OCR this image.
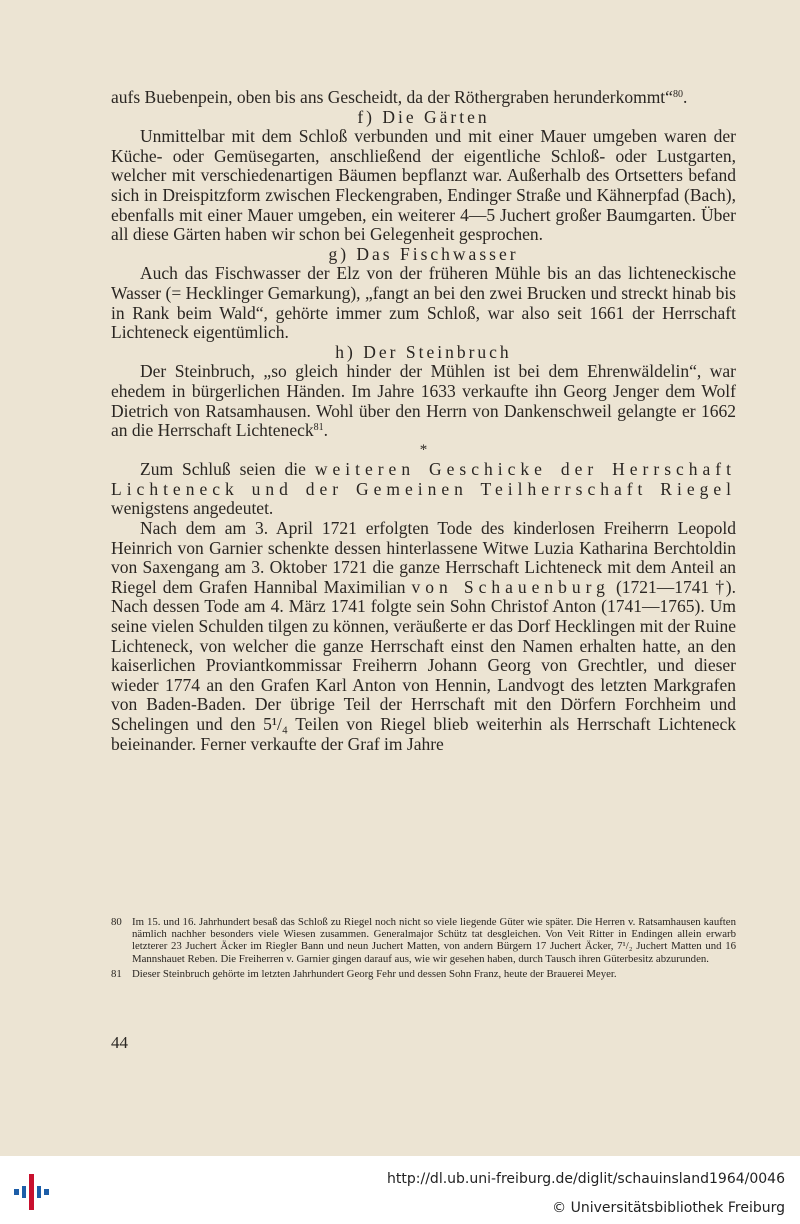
aufs Buebenpein, oben bis ans Gescheidt, da der Röthergraben herunderkommt“$^{80}$.

f) Die Gärten

Unmittelbar mit dem Schloß verbunden und mit einer Mauer umgeben waren der Küche- oder Gemüsegarten, anschließend der eigentliche Schloß- oder Lustgarten, welcher mit verschiedenartigen Bäumen bepflanzt war. Außerhalb des Ortsetters befand sich in Dreispitzform zwischen Fleckengraben, Endinger Straße und Kähnerpfad (Bach), ebenfalls mit einer Mauer umgeben, ein weiterer 4—5 Juchert großer Baumgarten. Über all diese Gärten haben wir schon bei Gelegenheit gesprochen.

g) Das Fischwasser

Auch das Fischwasser der Elz von der früheren Mühle bis an das lichteneckische Wasser (= Hecklinger Gemarkung), „fangt an bei den zwei Brucken und streckt hinab bis in Rank beim Wald“, gehörte immer zum Schloß, war also seit 1661 der Herrschaft Lichteneck eigentümlich.

h) Der Steinbruch

Der Steinbruch, „so gleich hinder der Mühlen ist bei dem Ehrenwäldelin“, war ehedem in bürgerlichen Händen. Im Jahre 1633 verkaufte ihn Georg Jenger dem Wolf Dietrich von Ratsamhausen. Wohl über den Herrn von Dankenschweil gelangte er 1662 an die Herrschaft Lichteneck$^{81}$.

*

Zum Schluß seien die weiteren Geschicke der Herrschaft Lichteneck und der Gemeinen Teilherrschaft Riegel wenigstens angedeutet.

Nach dem am 3. April 1721 erfolgten Tode des kinderlosen Freiherrn Leopold Heinrich von Garnier schenkte dessen hinterlassene Witwe Luzia Katharina Berchtoldin von Saxengang am 3. Oktober 1721 die ganze Herrschaft Lichteneck mit dem Anteil an Riegel dem Grafen Hannibal Maximilian von Schauenburg (1721—1741 †). Nach dessen Tode am 4. März 1741 folgte sein Sohn Christof Anton (1741—1765). Um seine vielen Schulden tilgen zu können, veräußerte er das Dorf Hecklingen mit der Ruine Lichteneck, von welcher die ganze Herrschaft einst den Namen erhalten hatte, an den kaiserlichen Proviantkommissar Freiherrn Johann Georg von Grechtler, und dieser wieder 1774 an den Grafen Karl Anton von Hennin, Landvogt des letzten Markgrafen von Baden-Baden. Der übrige Teil der Herrschaft mit den Dörfern Forchheim und Schelingen und den 5¹/₄ Teilen von Riegel blieb weiterhin als Herrschaft Lichteneck beieinander. Ferner verkaufte der Graf im Jahre

80 Im 15. und 16. Jahrhundert besaß das Schloß zu Riegel noch nicht so viele liegende Güter wie später. Die Herren v. Ratsamhausen kauften nämlich nachher besonders viele Wiesen zusammen. Generalmajor Schütz tat desgleichen. Von Veit Ritter in Endingen allein erwarb letzterer 23 Juchert Äcker im Riegler Bann und neun Juchert Matten, von andern Bürgern 17 Juchert Äcker, 7¹/₂ Juchert Matten und 16 Mannshauet Reben. Die Freiherren v. Garnier gingen darauf aus, wie wir gesehen haben, durch Tausch ihren Güterbesitz abzurunden.

81 Dieser Steinbruch gehörte im letzten Jahrhundert Georg Fehr und dessen Sohn Franz, heute der Brauerei Meyer.

44
http://dl.ub.uni-freiburg.de/diglit/schauinsland1964/0046
© Universitätsbibliothek Freiburg
